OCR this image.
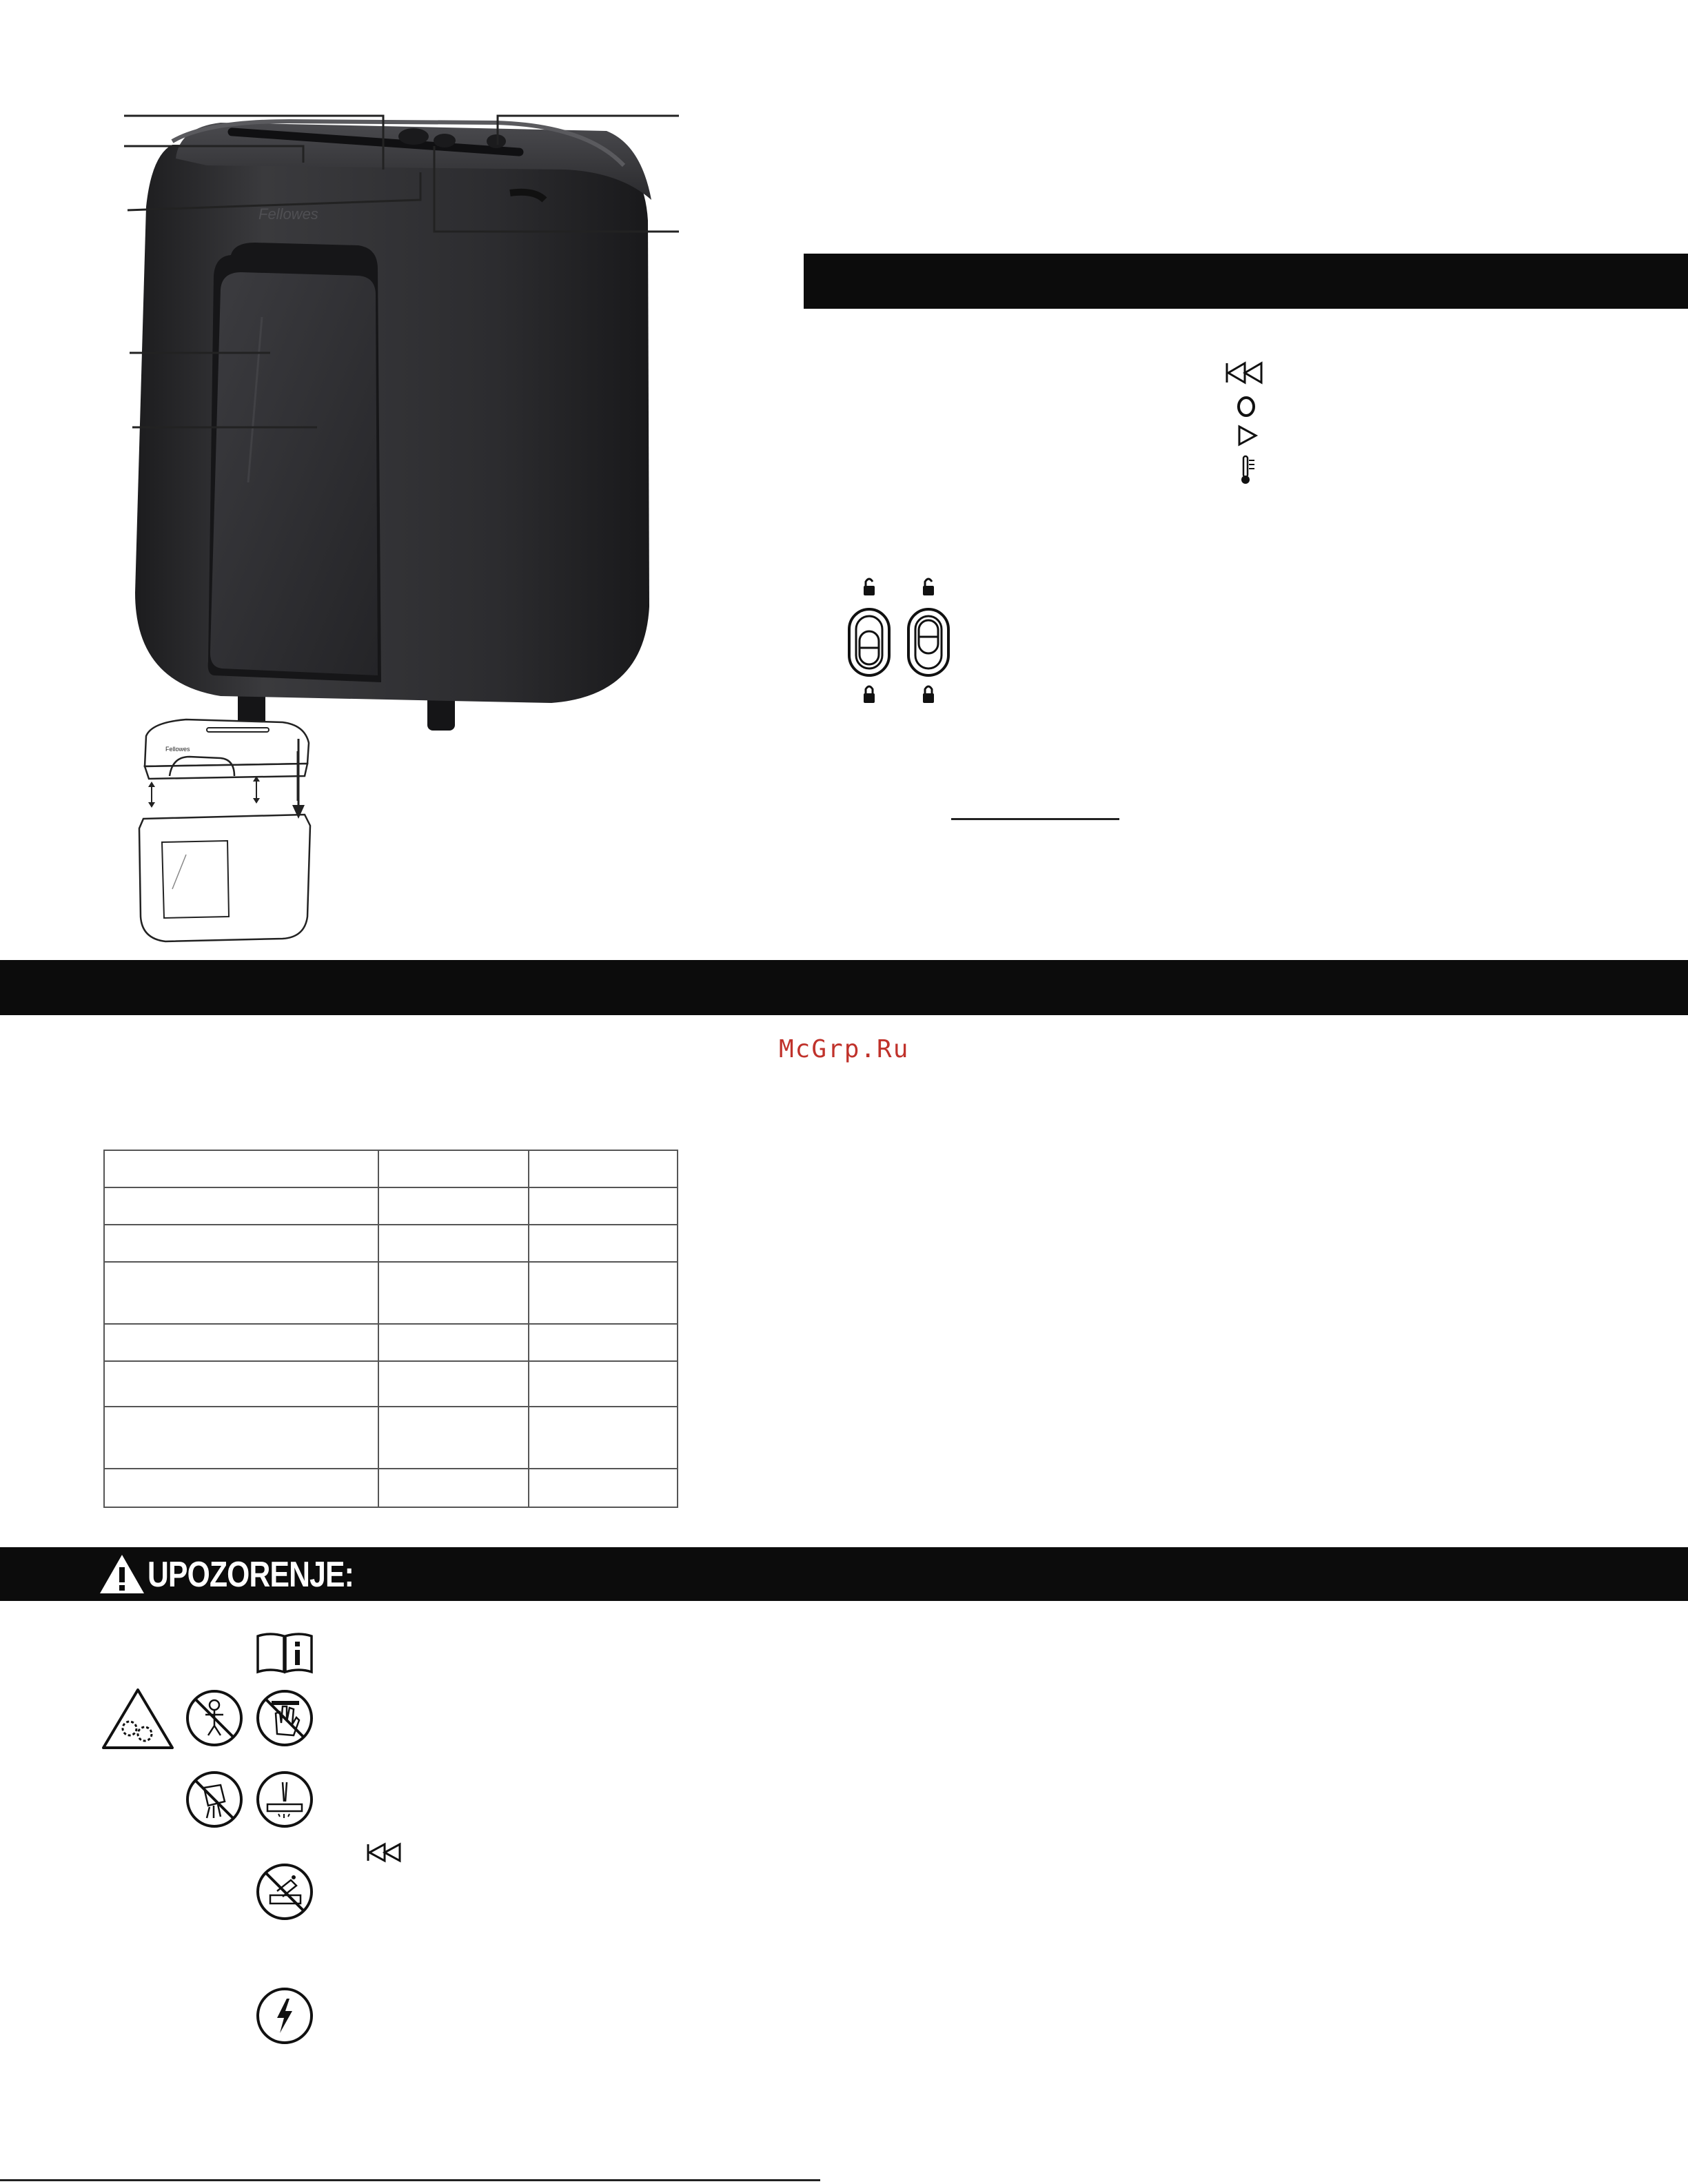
Fellowes
Fellowes
McGrp.Ru

UPOZORENJE:
